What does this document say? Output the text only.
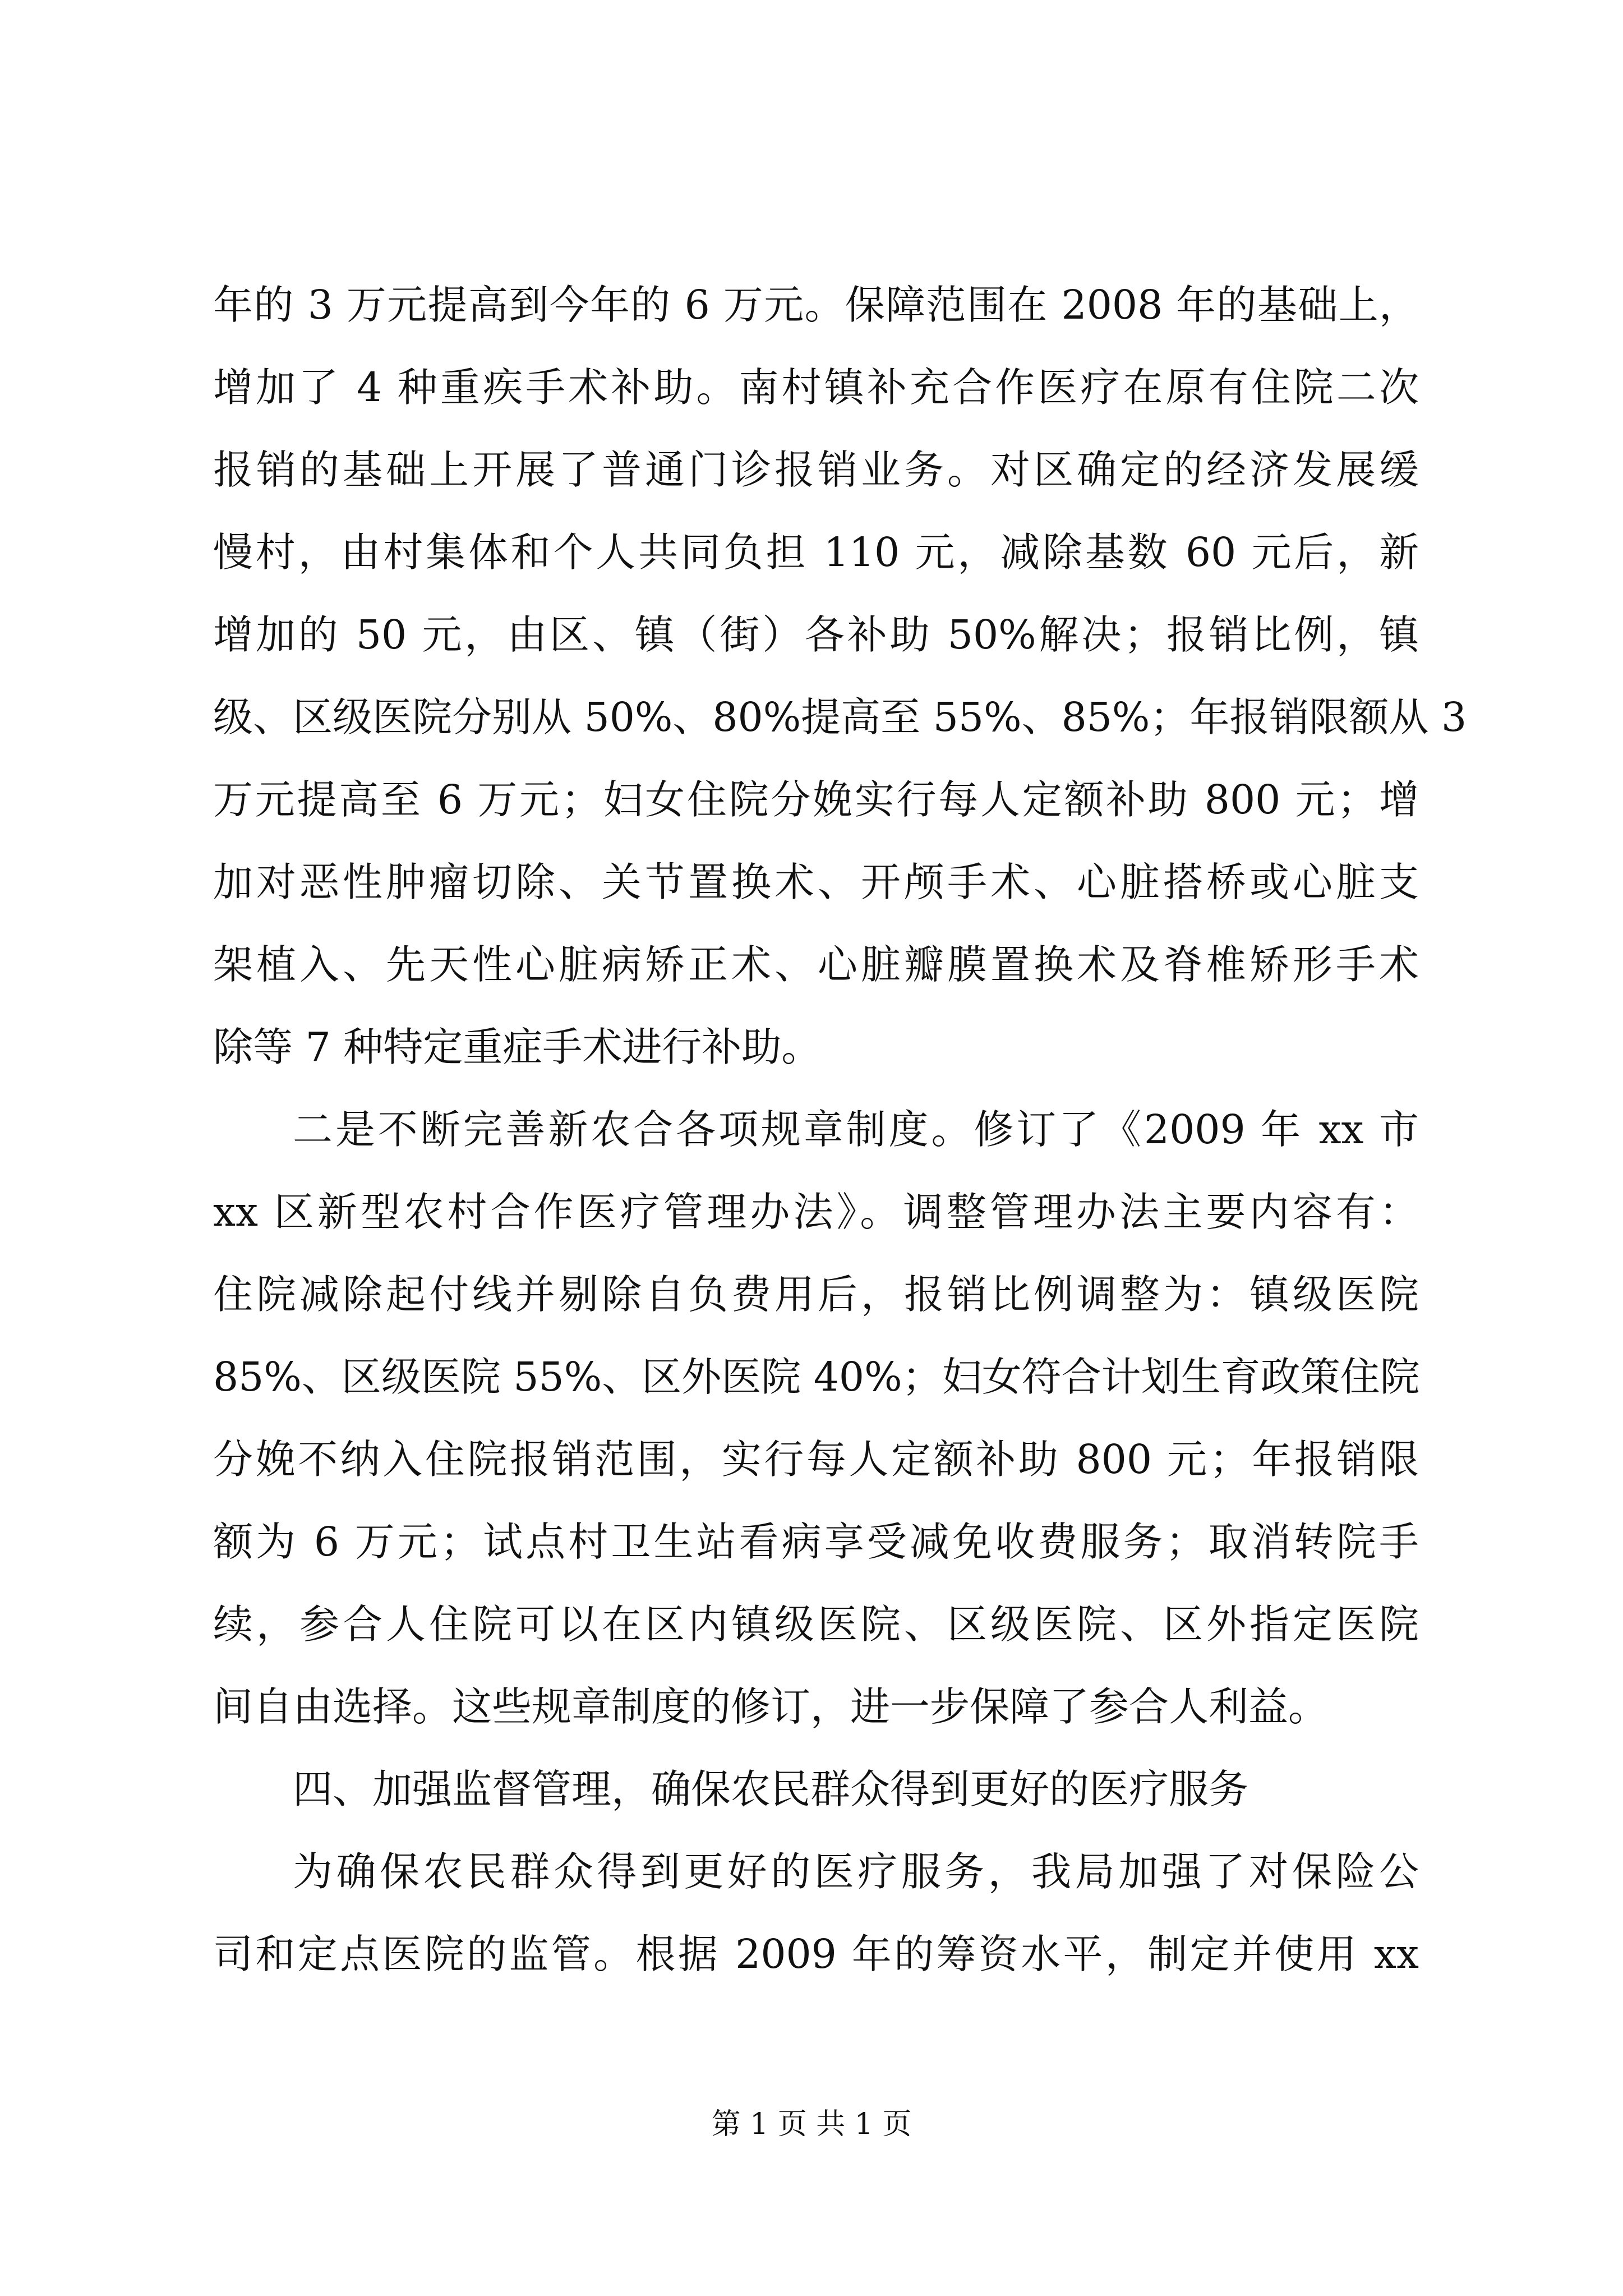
年的 3 万元提高到今年的 6 万元。保障范围在 2008 年的基础上，
增加了 4 种重疾手术补助。南村镇补充合作医疗在原有住院二次
报销的基础上开展了普通门诊报销业务。对区确定的经济发展缓
慢村，由村集体和个人共同负担 110 元，减除基数 60 元后，新
增加的 50 元，由区、镇（街）各补助 50%解决；报销比例，镇
级、区级医院分别从 50%、80%提高至 55%、85%；年报销限额从 3
万元提高至 6 万元；妇女住院分娩实行每人定额补助 800 元；增
加对恶性肿瘤切除、关节置换术、开颅手术、心脏搭桥或心脏支
架植入、先天性心脏病矫正术、心脏瓣膜置换术及脊椎矫形手术
除等 7 种特定重症手术进行补助。
二是不断完善新农合各项规章制度。修订了《2009 年 xx 市
xx 区新型农村合作医疗管理办法》。调整管理办法主要内容有：
住院减除起付线并剔除自负费用后，报销比例调整为：镇级医院
85%、区级医院 55%、区外医院 40%；妇女符合计划生育政策住院
分娩不纳入住院报销范围，实行每人定额补助 800 元；年报销限
额为 6 万元；试点村卫生站看病享受减免收费服务；取消转院手
续，参合人住院可以在区内镇级医院、区级医院、区外指定医院
间自由选择。这些规章制度的修订，进一步保障了参合人利益。
四、加强监督管理，确保农民群众得到更好的医疗服务
为确保农民群众得到更好的医疗服务，我局加强了对保险公
司和定点医院的监管。根据 2009 年的筹资水平，制定并使用 xx
第 1 页 共 1 页
